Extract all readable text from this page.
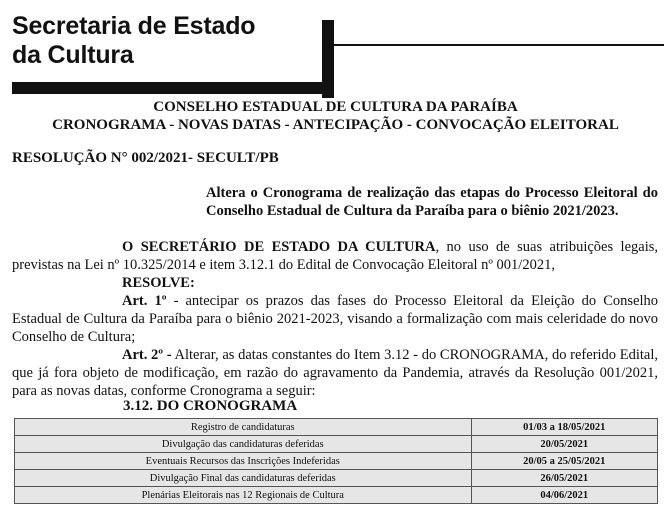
Secretaria de Estado
da Cultura

CONSELHO ESTADUAL DE CULTURA DA PARAÍBA

CRONOGRAMA - NOVAS DATAS - ANTECIPAÇÃO - CONVOCAÇÃO ELEITORAL

RESOLUÇÃO N° 002/2021- SECULT/PB

Altera o Cronograma de realização das etapas do Processo Eleitoral do Conselho Estadual de Cultura da Paraíba para o biênio 2021/2023.

O SECRETÁRIO DE ESTADO DA CULTURA, no uso de suas atribuições legais, previstas na Lei nº 10.325/2014 e item 3.12.1 do Edital de Convocação Eleitoral nº 001/2021,

RESOLVE:

Art. 1º - antecipar os prazos das fases do Processo Eleitoral da Eleição do Conselho Estadual de Cultura da Paraíba para o biênio 2021-2023, visando a formalização com mais celeridade do novo Conselho de Cultura;

Art. 2º - Alterar, as datas constantes do Item 3.12 - do CRONOGRAMA, do referido Edital, que já fora objeto de modificação, em razão do agravamento da Pandemia, através da Resolução 001/2021, para as novas datas, conforme Cronograma a seguir:

3.12. DO CRONOGRAMA

Registro de candidaturas	01/03 a 18/05/2021
Divulgação das candidaturas deferidas	20/05/2021
Eventuais Recursos das Inscrições Indeferidas	20/05 a 25/05/2021
Divulgação Final das candidaturas deferidas	26/05/2021
Plenárias Eleitorais nas 12 Regionais de Cultura	04/06/2021
